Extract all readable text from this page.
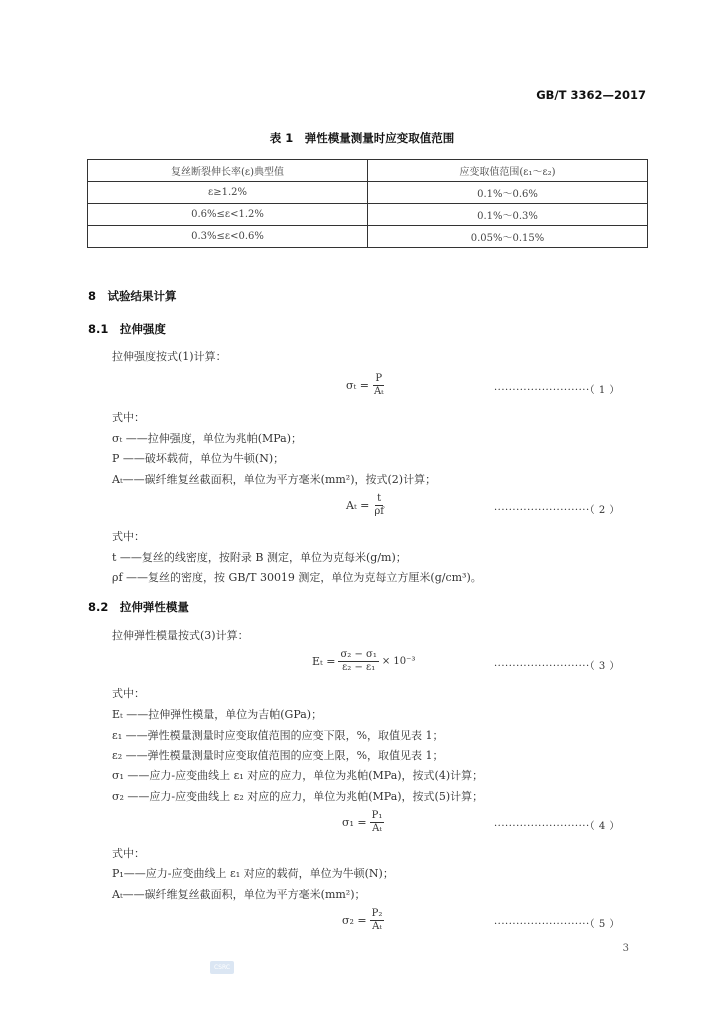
GB/T 3362—2017
表 1　弹性模量测量时应变取值范围
复丝断裂伸长率(ε)典型值	应变取值范围(ε₁～ε₂)
ε≥1.2%	0.1%～0.6%
0.6%≤ε<1.2%	0.1%～0.3%
0.3%≤ε<0.6%	0.05%～0.15%
8　试验结果计算
8.1　拉伸强度
拉伸强度按式(1)计算：
$\sigma_t = \frac{P}{\text{Aₜ}}$	··························（ 1 ）
式中：
σₜ ——拉伸强度，单位为兆帕(MPa)；
P ——破坏载荷，单位为牛顿(N)；
Aₜ——碳纤维复丝截面积，单位为平方毫米(mm²)，按式(2)计算；
$A_t = \frac{t}{\rho f}$	··························（ 2 ）
式中：
t ——复丝的线密度，按附录 B 测定，单位为克每米(g/m)；
ρf ——复丝的密度，按 GB/T 30019 测定，单位为克每立方厘米(g/cm³)。
8.2　拉伸弹性模量
拉伸弹性模量按式(3)计算：
$E_t = \frac{\text{σ₂ − σ₁}}{\text{ε₂ − ε₁}} \times 10^{-3}$	··························（ 3 ）
式中：
Eₜ ——拉伸弹性模量，单位为吉帕(GPa)；
ε₁ ——弹性模量测量时应变取值范围的应变下限，%，取值见表 1；
ε₂ ——弹性模量测量时应变取值范围的应变上限，%，取值见表 1；
σ₁ ——应力-应变曲线上 ε₁ 对应的应力，单位为兆帕(MPa)，按式(4)计算；
σ₂ ——应力-应变曲线上 ε₂ 对应的应力，单位为兆帕(MPa)，按式(5)计算；
$\sigma_1 = \frac{\text{P₁}}{\text{Aₜ}}$	··························（ 4 ）
式中：
P₁——应力-应变曲线上 ε₁ 对应的载荷，单位为牛顿(N)；
Aₜ——碳纤维复丝截面积，单位为平方毫米(mm²)；
$\sigma_2 = \frac{\text{P₂}}{\text{Aₜ}}$	··························（ 5 ）
3
CSRC
